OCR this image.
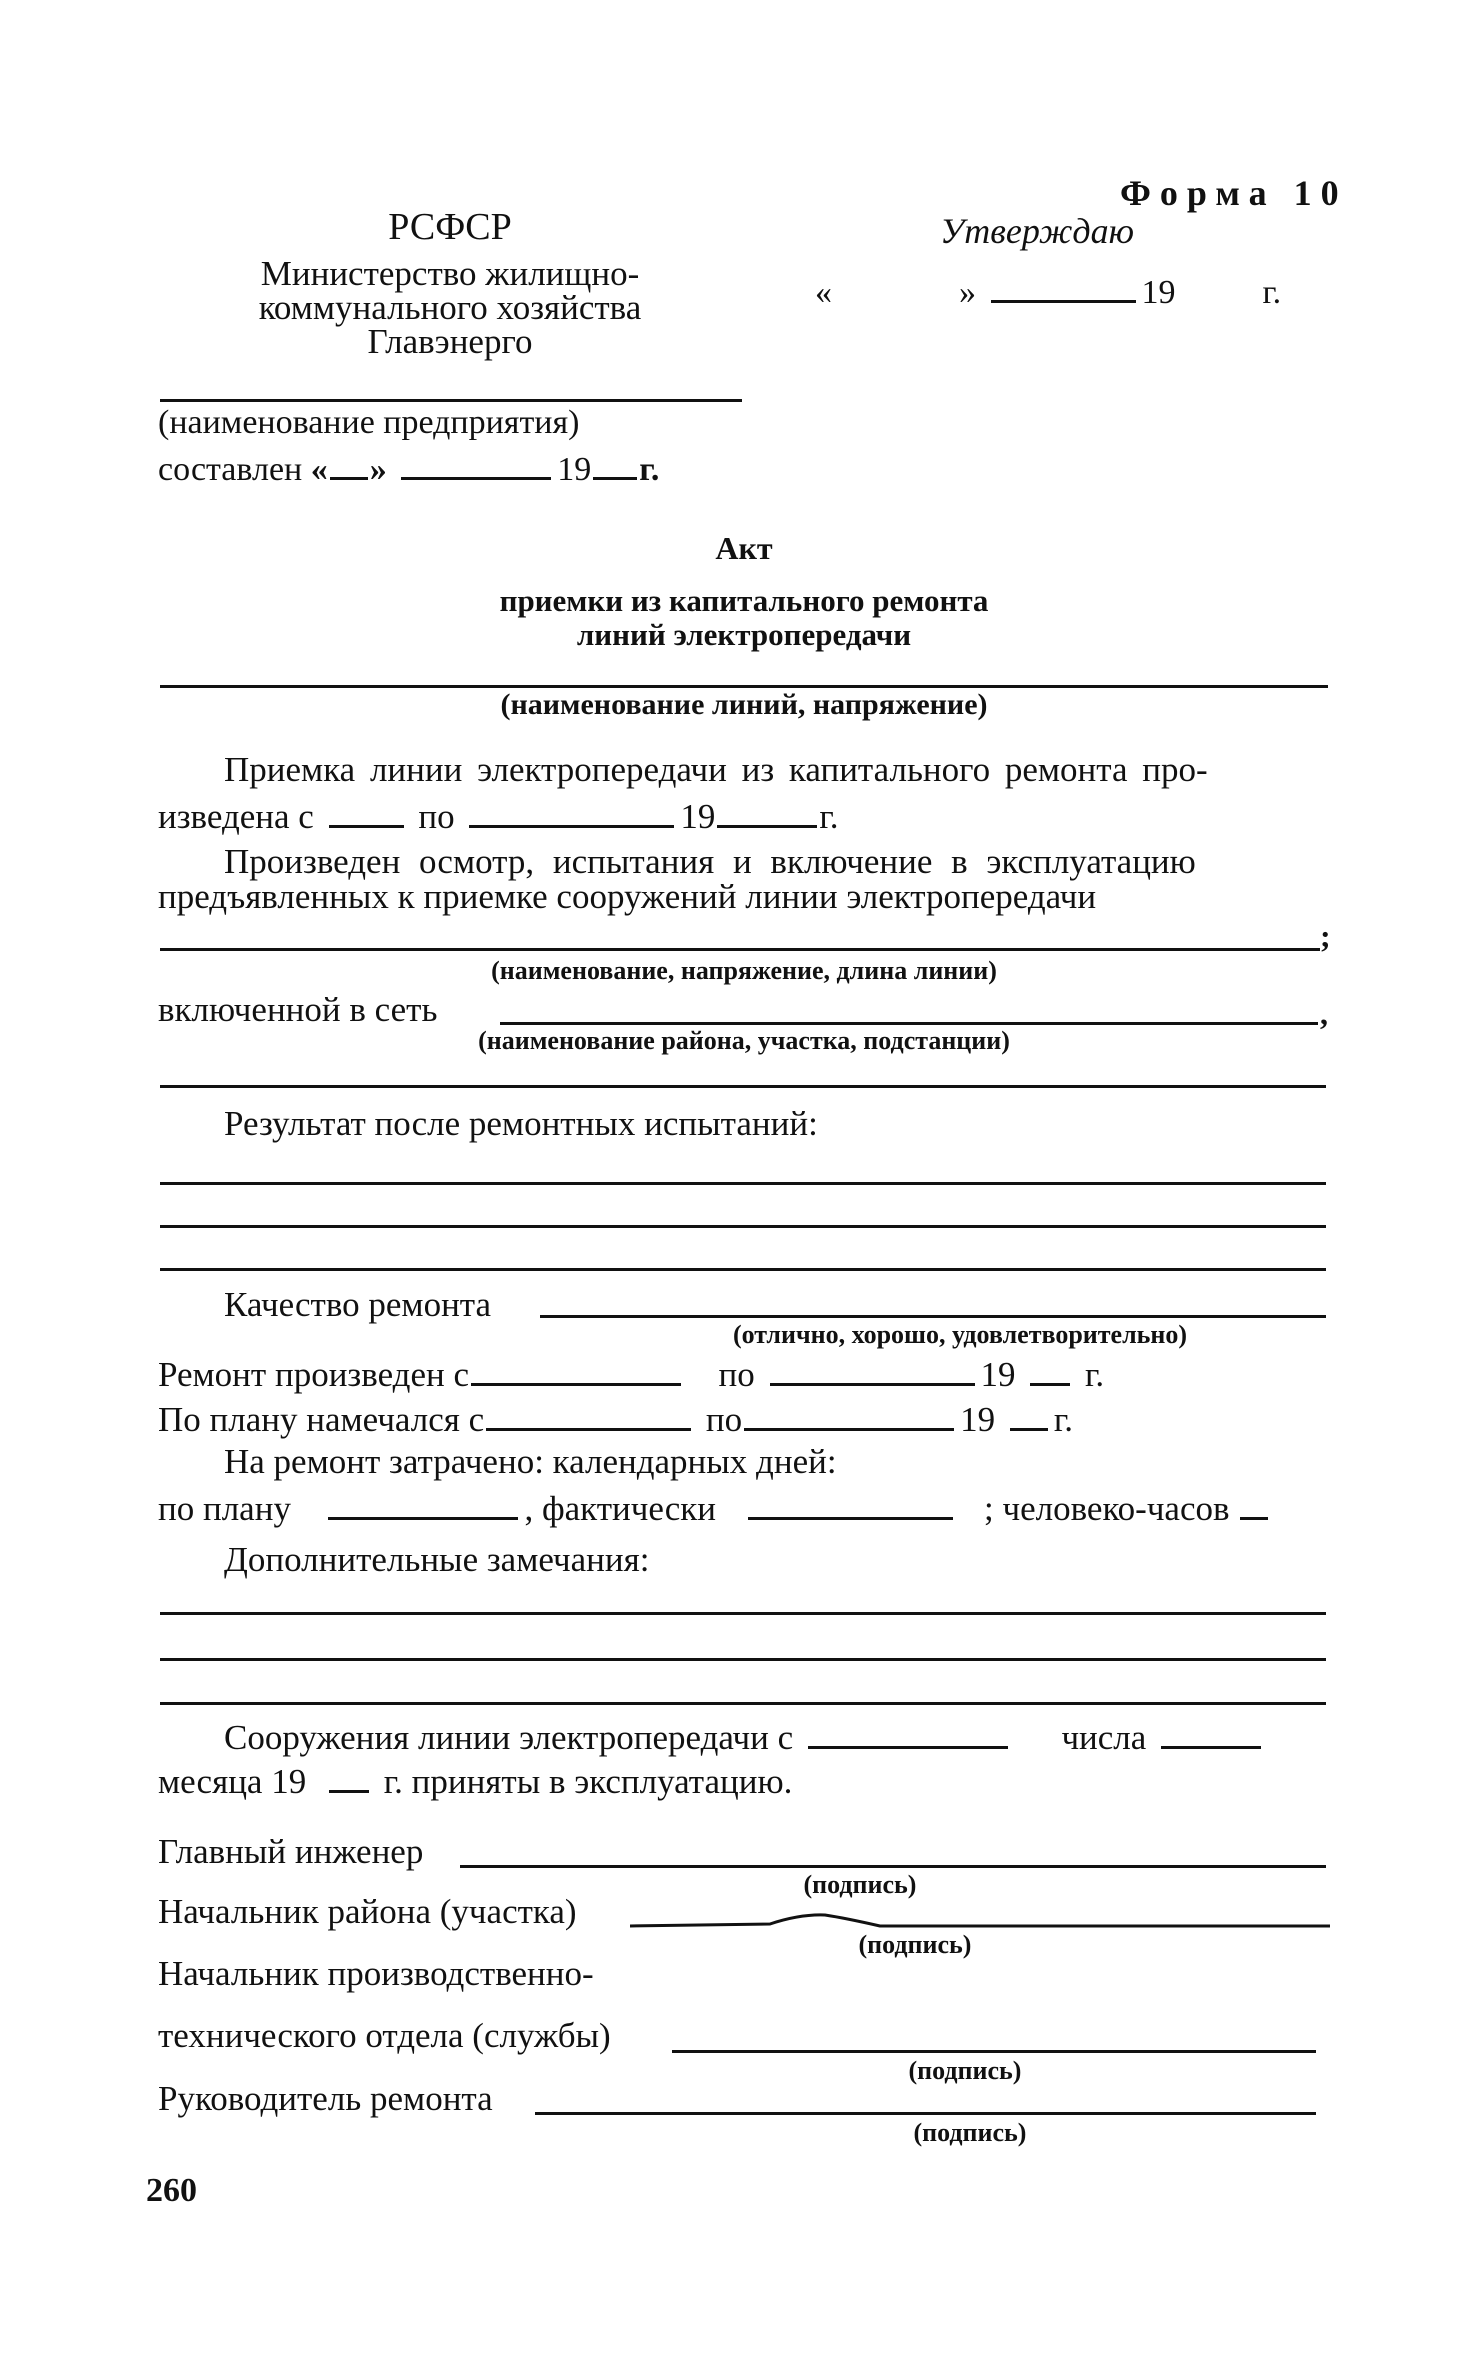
Форма 10
РСФСР
Министерство жилищно-
коммунального хозяйства
Главэнерго
Утверждаю
«	»	19	г.
(наименование предприятия)
составлен « »	19 г.
Акт
приемки из капитального ремонта
линий электропередачи
(наименование линий, напряжение)
Приемка линии электропередачи из капитального ремонта про-
изведена с	по	19	г.
Произведен осмотр, испытания и включение в эксплуатацию
предъявленных к приемке сооружений линии электропередачи
;
(наименование, напряжение, длина линии)
включенной в сеть	,
(наименование района, участка, подстанции)
Результат после ремонтных испытаний:
Качество ремонта
(отлично, хорошо, удовлетворительно)
Ремонт произведен с	по	19 г.
По плану намечался с	по	19 г.
На ремонт затрачено: календарных дней:
по плану	, фактически	; человеко-часов
Дополнительные замечания:
Сооружения линии электропередачи с	числа
месяца 19 г. приняты в эксплуатацию.
Главный инженер
(подпись)
Начальник района (участка)
(подпись)
Начальник производственно-
технического отдела (службы)
(подпись)
Руководитель ремонта
(подпись)
260
